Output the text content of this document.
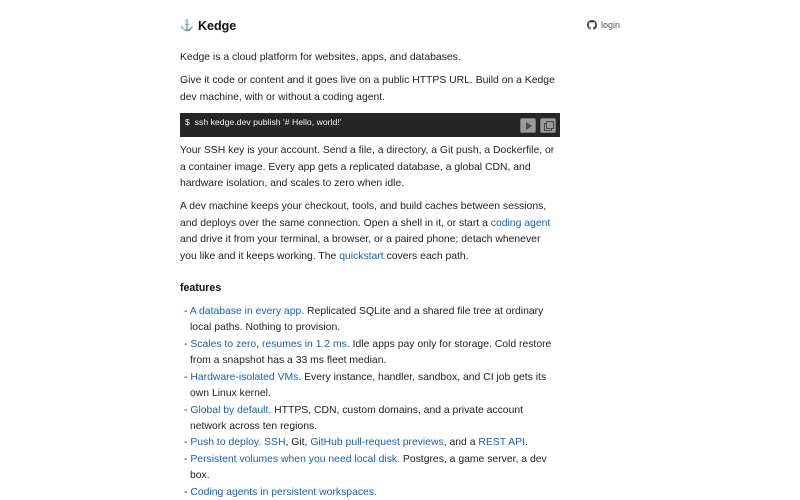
⚓ Kedge	login

Kedge is a cloud platform for websites, apps, and databases.

Give it code or content and it goes live on a public HTTPS URL. Build on a Kedge dev machine, with or without a coding agent.

$  ssh kedge.dev publish '# Hello, world!'

Your SSH key is your account. Send a file, a directory, a Git push, a Dockerfile, or a container image. Every app gets a replicated database, a global CDN, and hardware isolation, and scales to zero when idle.

A dev machine keeps your checkout, tools, and build caches between sessions, and deploys over the same connection. Open a shell in it, or start a coding agent and drive it from your terminal, a browser, or a paired phone; detach whenever you like and it keeps working. The quickstart covers each path.

features
- A database in every app. Replicated SQLite and a shared file tree at ordinary local paths. Nothing to provision.
- Scales to zero, resumes in 1.2 ms. Idle apps pay only for storage. Cold restore from a snapshot has a 33 ms fleet median.
- Hardware-isolated VMs. Every instance, handler, sandbox, and CI job gets its own Linux kernel.
- Global by default. HTTPS, CDN, custom domains, and a private account network across ten regions.
- Push to deploy. SSH, Git, GitHub pull-request previews, and a REST API.
- Persistent volumes when you need local disk. Postgres, a game server, a dev box.
- Coding agents in persistent workspaces.
